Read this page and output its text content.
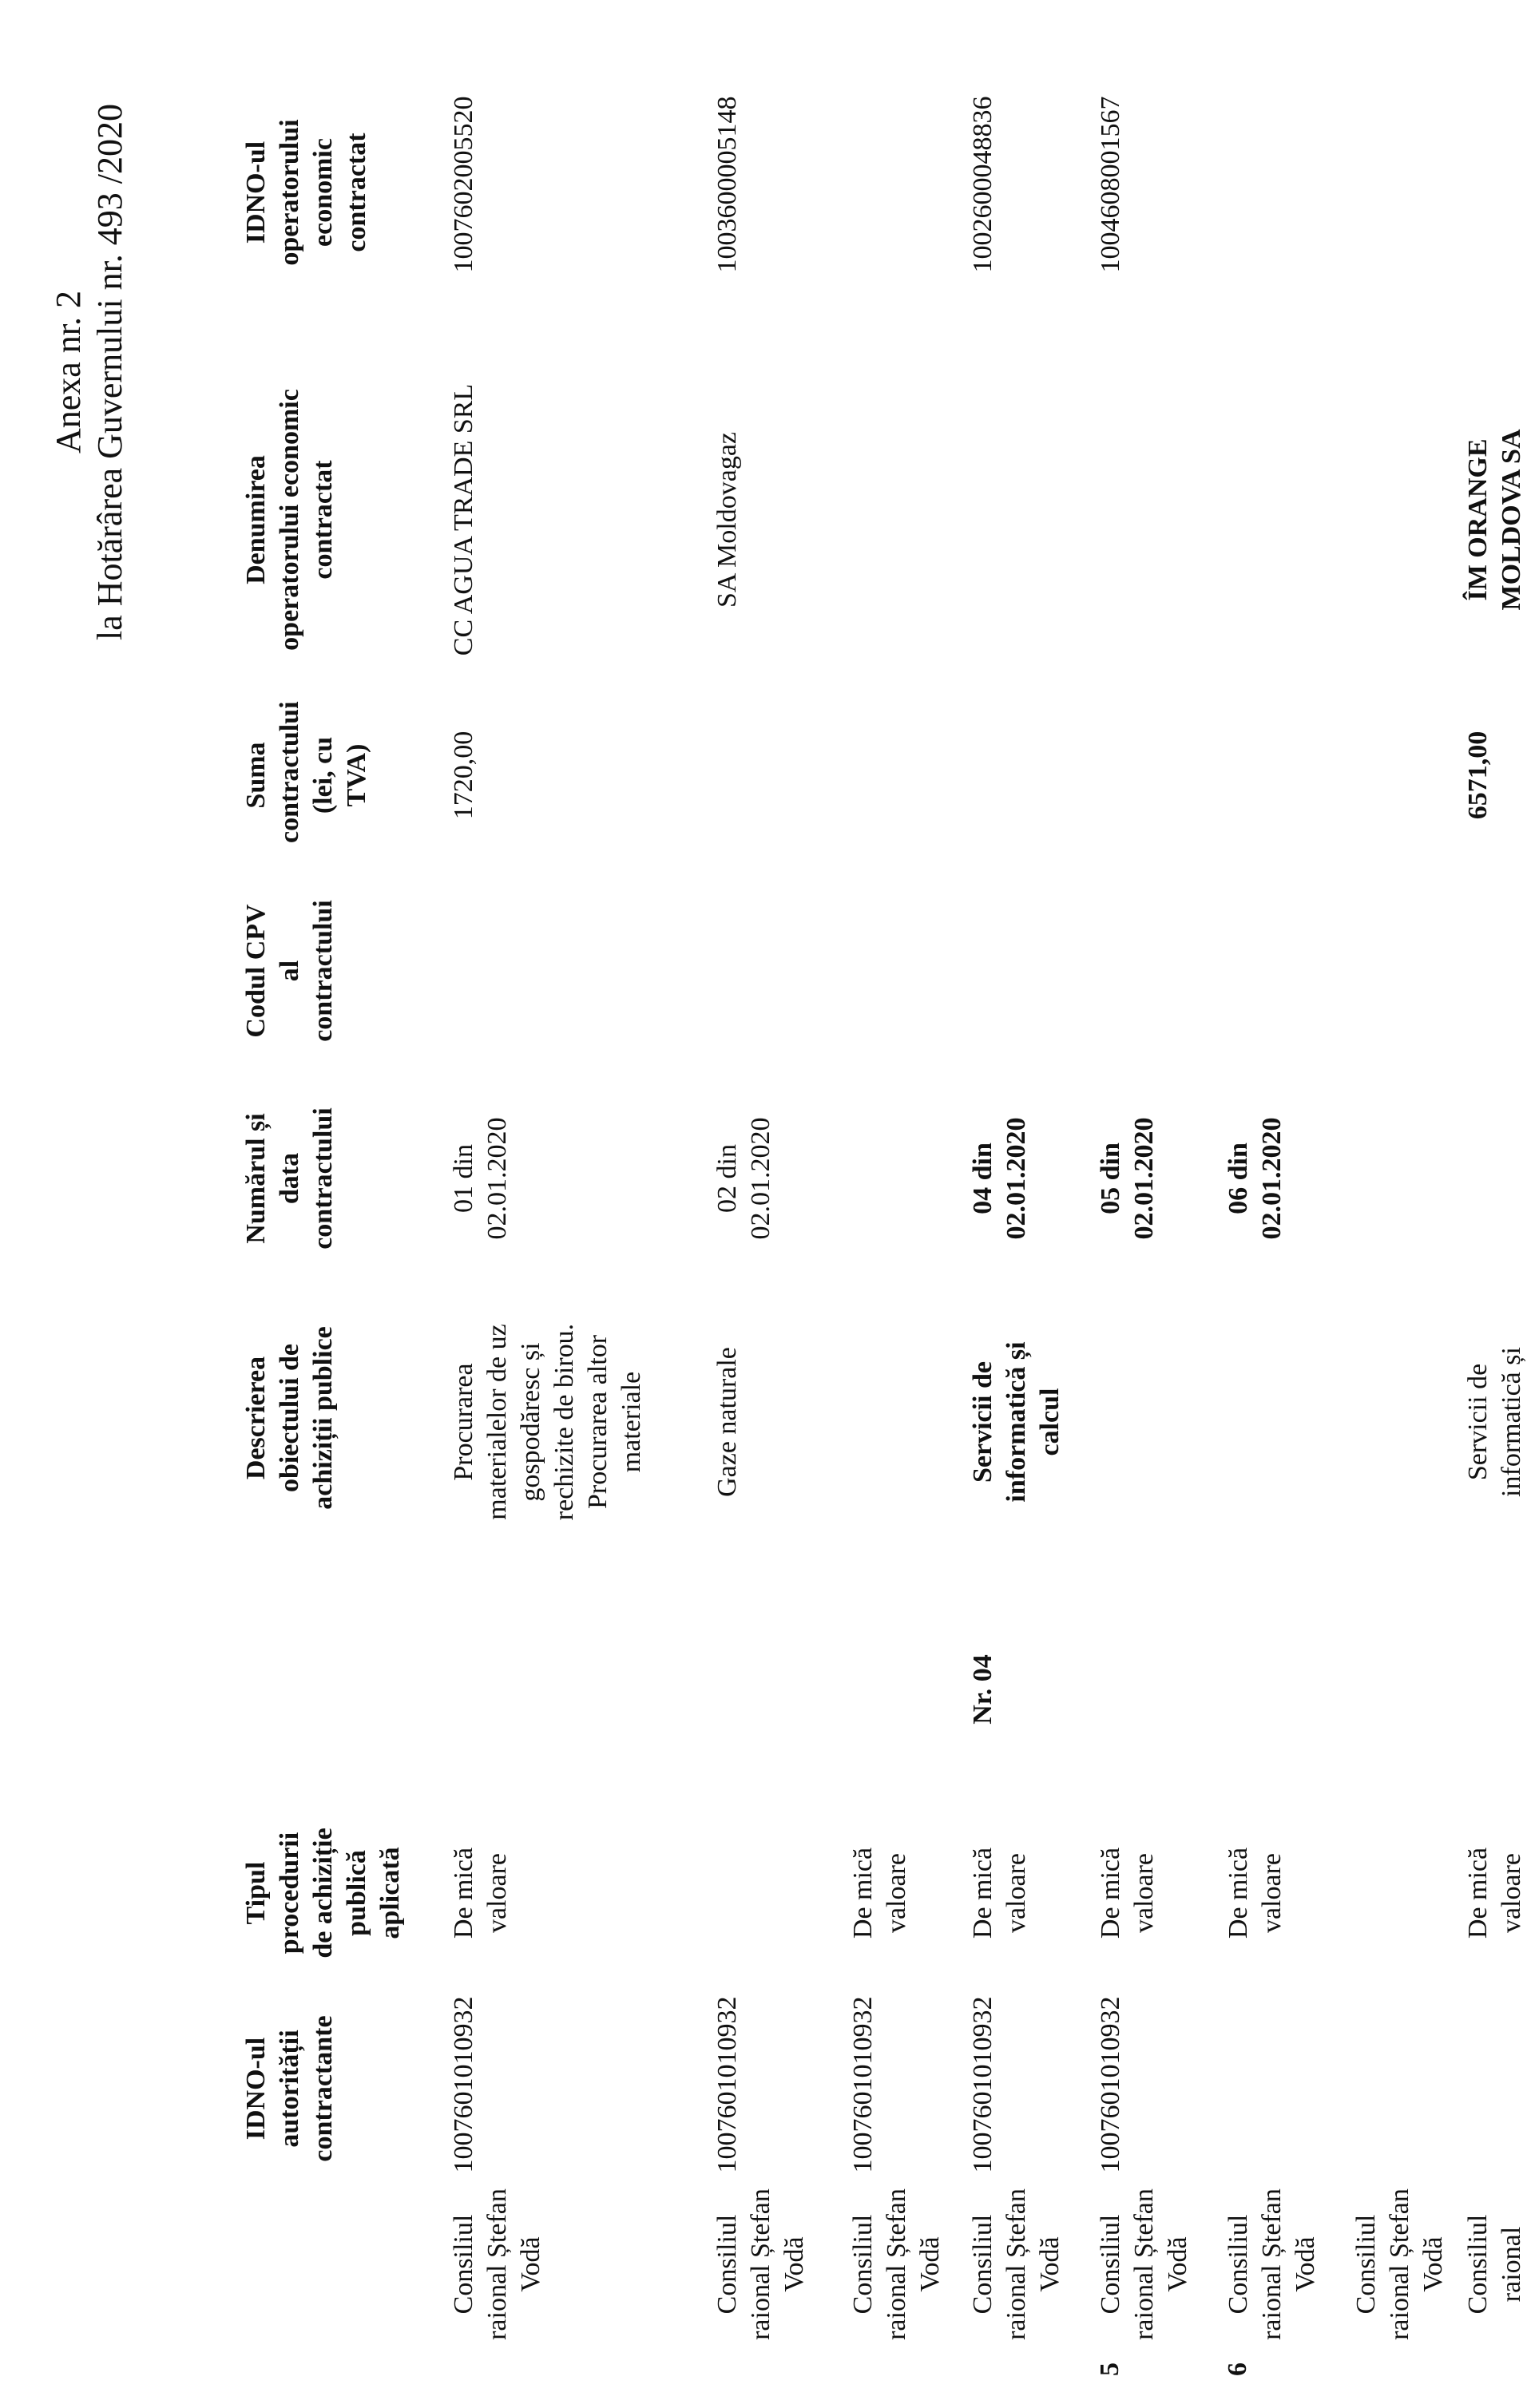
Anexa nr. 2 la Hotărârea Guvernului nr. 493 /2020
IDNO-ul autorității contractante
Tipul procedurii de achiziție publică aplicată
Descrierea obiectului de achiziții publice
Numărul și data contractului
Codul CPV al contractului
Suma contractului (lei, cu TVA)
Denumirea operatorului economic contractat
IDNO-ul operatorului economic contractat
Consiliul raional Ștefan Vodă
1007601010932
De mică valoare
Procurarea materialelor de uz gospodăresc și rechizite de birou. Procurarea altor materiale
01 din 02.01.2020
1720,00
CC AGUA TRADE SRL
1007602005520
Consiliul raional Ștefan Vodă
1007601010932
Gaze naturale
02 din 02.01.2020
SA Moldovagaz
1003600005148
Consiliul raional Ștefan Vodă
1007601010932
De mică valoare
Consiliul raional Ștefan Vodă
1007601010932
De mică valoare
Nr. 04
Servicii de informatică și calcul
04 din 02.01.2020
1002600048836
5
Consiliul raional Ștefan Vodă
1007601010932
De mică valoare
05 din 02.01.2020
1004608001567
6
Consiliul raional Ștefan Vodă
De mică valoare
06 din 02.01.2020
Consiliul raional Ștefan Vodă Consiliul raional
De mică valoare
Servicii de informatică și
6571,00
ÎM ORANGE MOLDOVA SA
